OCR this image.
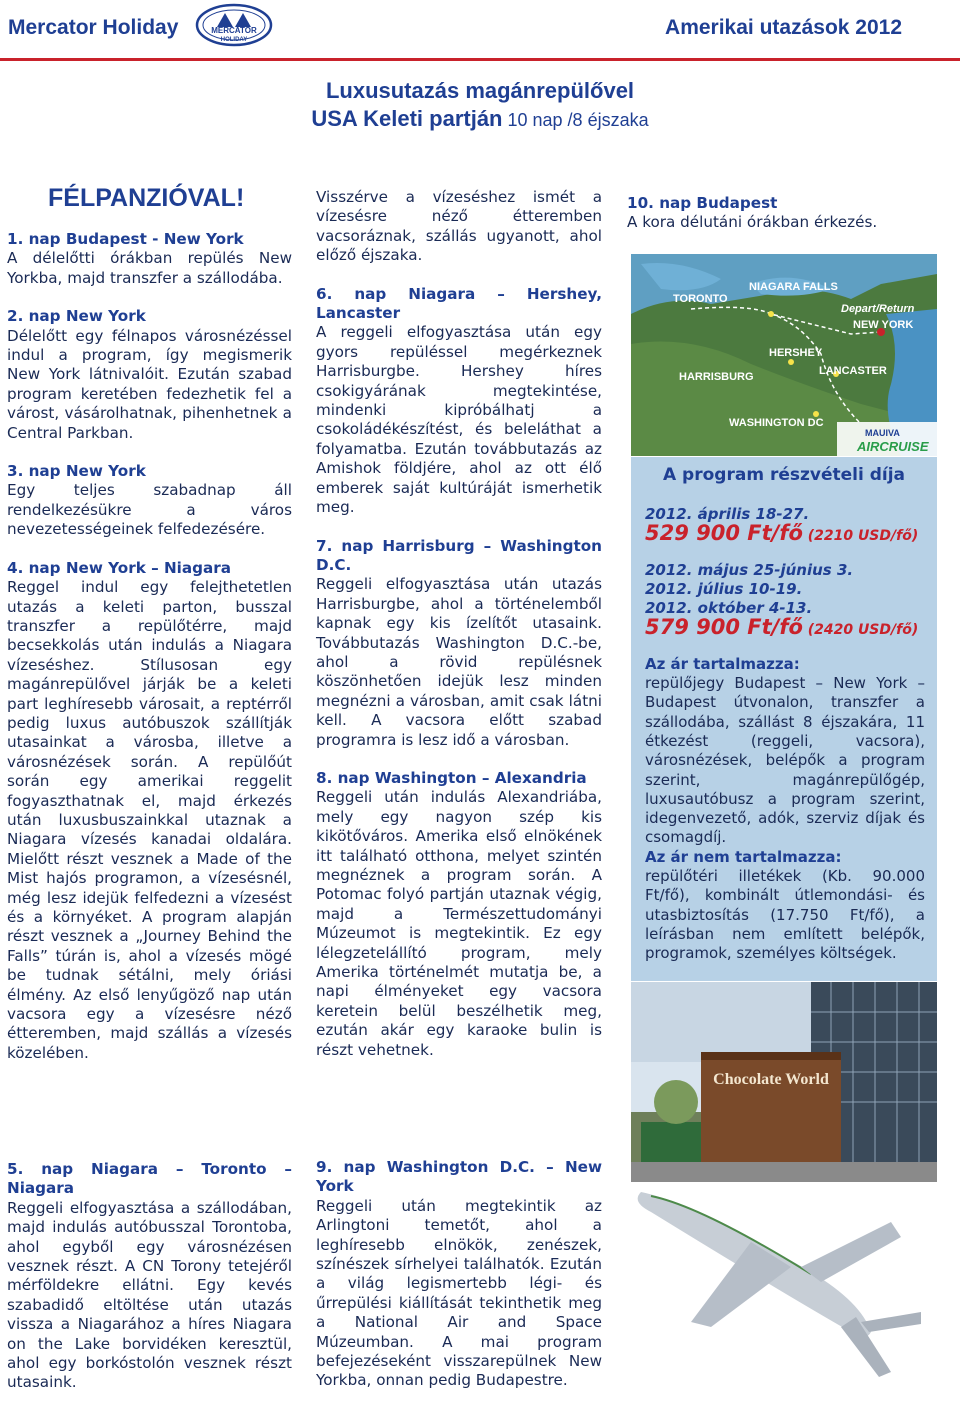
Mercator Holiday	MERCATOR
HOLIDAY
Amerikai utazások 2012
Luxusutazás magánrepülővel
USA Keleti partján 10 nap /8 éjszaka
FÉLPANZIÓVAL!

1. nap Budapest - New York
A délelőtti órákban repülés New Yorkba, majd transzfer a szállodába.

2. nap New York
Délelőtt egy félnapos városnézéssel indul a program, így megismerik New York látnivalóit. Ezután szabad program keretében fedezhetik fel a várost, vásárolhatnak, pihenhetnek a Central Parkban.

3. nap New York
Egy teljes szabadnap áll rendelkezésükre a város nevezetességeinek felfedezésére.

4. nap New York – Niagara
Reggel indul egy felejthetetlen utazás a keleti parton, busszal transzfer a repülőtérre, majd becsekkolás után indulás a Niagara vízeséshez. Stílusosan egy magánrepülővel járják be a keleti part leghíresebb városait, a reptérről pedig luxus autóbuszok szállítják utasainkat a városba, illetve a városnézések során. A repülőút során egy amerikai reggelit fogyaszthatnak el, majd érkezés után luxusbuszainkkal utaznak a Niagara vízesés kanadai oldalára. Mielőtt részt vesznek a Made of the Mist hajós programon, a vízesésnél, még lesz idejük felfedezni a vízesést és a környéket. A program alapján részt vesznek a „Journey Behind the Falls” túrán is, ahol a vízesés mögé be tudnak sétálni, mely óriási élmény. Az első lenyűgöző nap után vacsora egy a vízesésre néző étteremben, majd szállás a vízesés közelében.

5. nap Niagara – Toronto – Niagara
Reggeli elfogyasztása a szállodában, majd indulás autóbusszal Torontoba, ahol egyből egy városnézésen vesznek részt. A CN Torony tetejéről mérföldekre ellátni. Egy kevés szabadidő eltöltése után utazás vissza a Niagarához a híres Niagara on the Lake borvidéken keresztül, ahol egy borkóstolón vesznek részt utasaink.

Visszérve a vízeséshez ismét a vízesésre néző étteremben vacsoráznak, szállás ugyanott, ahol előző éjszaka.

6. nap Niagara – Hershey, Lancaster
A reggeli elfogyasztása után egy gyors repüléssel megérkeznek Harrisburgbe. Hershey híres csokigyárának megtekintése, mindenki kipróbálhatj a csokoládékészítést, és beleláthat a folyamatba. Ezután továbbutazás az Amishok földjére, ahol az ott élő emberek saját kultúráját ismerhetik meg.

7. nap Harrisburg – Washington D.C.
Reggeli elfogyasztása után utazás Harrisburgbe, ahol a történelemből kapnak egy kis ízelítőt utasaink. Továbbutazás Washington D.C.-be, ahol a rövid repülésnek köszönhetően idejük lesz minden megnézni a városban, amit csak látni kell. A vacsora előtt szabad programra is lesz idő a városban.

8. nap Washington – Alexandria
Reggeli után indulás Alexandriába, mely egy nagyon szép kis kikötőváros. Amerika első elnökének itt található otthona, melyet szintén megnéznek a program során. A Potomac folyó partján utaznak végig, majd a Természettudományi Múzeumot is megtekintik. Ez egy lélegzetelállító program, mely Amerika történelmét mutatja be, a napi élményeket egy vacsora keretein belül beszélhetik meg, ezután akár egy karaoke bulin is részt vehetnek.

9. nap Washington D.C. – New York
Reggeli után megtekintik az Arlingtoni temetőt, ahol a leghíresebb elnökök, zenészek, színészek sírhelyei találhatók. Ezután a világ legismertebb légi- és űrrepülési kiállítását tekinthetik meg a National Air and Space Múzeumban. A mai program befejezéseként visszarepülnek New Yorkba, onnan pedig Budapestre.

10. nap Budapest
A kora délutáni órákban érkezés.

TORONTO
NIAGARA FALLS
Depart/Return
NEW YORK
HERSHEY
HARRISBURG	LANCASTER
WASHINGTON DC
MAUIVA
AIRCRUISE
A program részvételi díja
2012. április 18-27.
529 900 Ft/fő (2210 USD/fő)
2012. május 25-június 3.
2012. július 10-19.
2012. október 4-13.
579 900 Ft/fő (2420 USD/fő)
Az ár tartalmazza:
repülőjegy Budapest – New York – Budapest útvonalon, transzfer a szállodába, szállást 8 éjszakára, 11 étkezést (reggeli, vacsora), városnézések, belépők a program szerint, magánrepülőgép, luxusautóbusz a program szerint, idegenvezető, adók, szerviz díjak és csomagdíj.
Az ár nem tartalmazza:
repülőtéri illetékek (Kb. 90.000 Ft/fő), kombinált útlemondási- és utasbiztosítás (17.750 Ft/fő), a leírásban nem említett belépők, programok, személyes költségek.
Chocolate World
